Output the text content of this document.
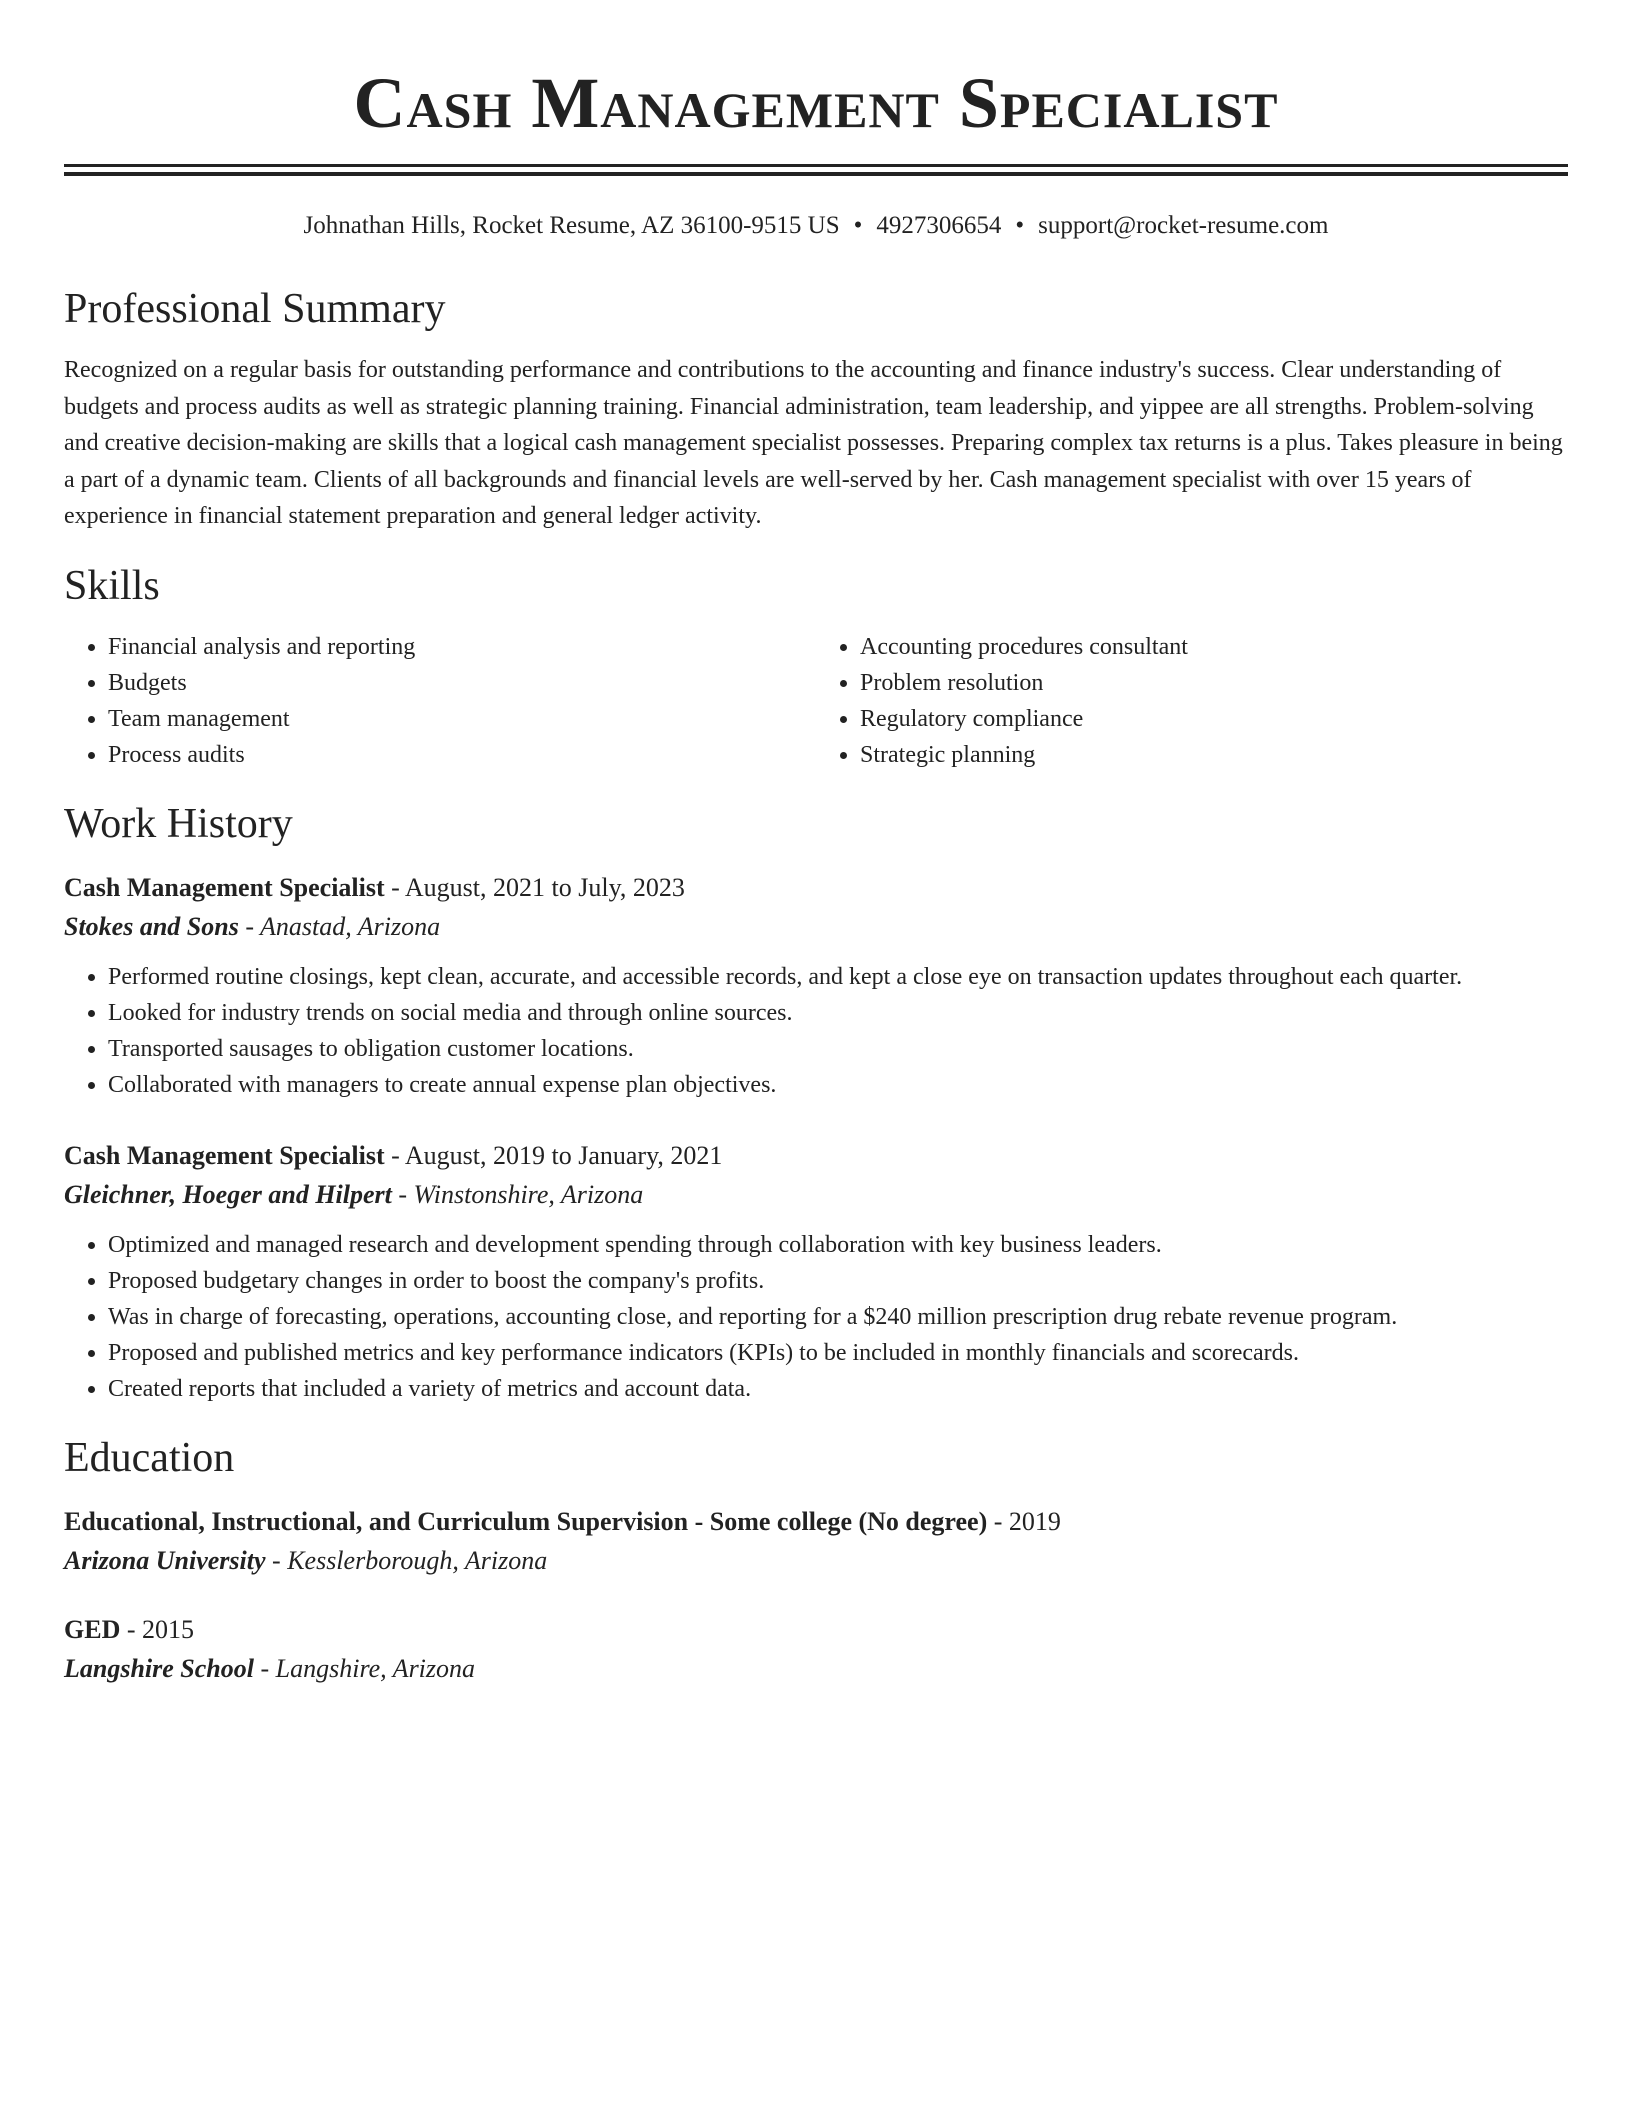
Cash Management Specialist
Johnathan Hills, Rocket Resume, AZ 36100-9515 US • 4927306654 • support@rocket-resume.com
Professional Summary

Recognized on a regular basis for outstanding performance and contributions to the accounting and finance industry's success. Clear understanding of budgets and process audits as well as strategic planning training. Financial administration, team leadership, and yippee are all strengths. Problem-solving and creative decision-making are skills that a logical cash management specialist possesses. Preparing complex tax returns is a plus. Takes pleasure in being a part of a dynamic team. Clients of all backgrounds and financial levels are well-served by her. Cash management specialist with over 15 years of experience in financial statement preparation and general ledger activity.

Skills
• Financial analysis and reporting
• Budgets
• Team management
• Process audits
• Accounting procedures consultant
• Problem resolution
• Regulatory compliance
• Strategic planning
Work History
Cash Management Specialist - August, 2021 to July, 2023
Stokes and Sons - Anastad, Arizona
• Performed routine closings, kept clean, accurate, and accessible records, and kept a close eye on transaction updates throughout each quarter.
• Looked for industry trends on social media and through online sources.
• Transported sausages to obligation customer locations.
• Collaborated with managers to create annual expense plan objectives.
Cash Management Specialist - August, 2019 to January, 2021
Gleichner, Hoeger and Hilpert - Winstonshire, Arizona
• Optimized and managed research and development spending through collaboration with key business leaders.
• Proposed budgetary changes in order to boost the company's profits.
• Was in charge of forecasting, operations, accounting close, and reporting for a $240 million prescription drug rebate revenue program.
• Proposed and published metrics and key performance indicators (KPIs) to be included in monthly financials and scorecards.
• Created reports that included a variety of metrics and account data.
Education
Educational, Instructional, and Curriculum Supervision - Some college (No degree) - 2019
Arizona University - Kesslerborough, Arizona
GED - 2015
Langshire School - Langshire, Arizona
